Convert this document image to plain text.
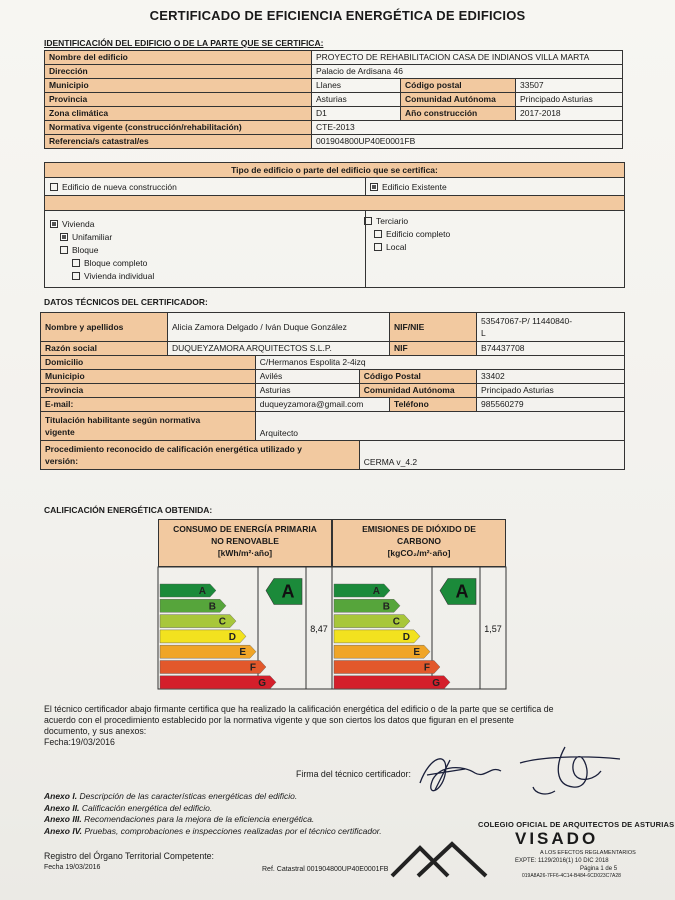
CERTIFICADO DE EFICIENCIA ENERGÉTICA DE EDIFICIOS
IDENTIFICACIÓN DEL EDIFICIO O DE LA PARTE QUE SE CERTIFICA:
Nombre del edificio	PROYECTO DE REHABILITACION CASA DE INDIANOS VILLA MARTA		
Dirección	Palacio de Ardisana 46		
Municipio	Llanes	Código postal	33507
Provincia	Asturias	Comunidad Autónoma	Principado Asturias
Zona climática	D1	Año construcción	2017-2018
Normativa vigente (construcción/rehabilitación)	CTE-2013		
Referencia/s catastral/es	001904800UP40E0001FB		
Tipo de edificio o parte del edificio que se certifica:
Edificio de nueva construcción	Edificio Existente
Vivienda
Unifamiliar
Bloque
Bloque completo
Vivienda individual
Terciario
Edificio completo
Local
DATOS TÉCNICOS DEL CERTIFICADOR:
Nombre y apellidos	Alicia Zamora Delgado / Iván Duque González			NIF/NIE	53547067-P/ 11440840-
L
Razón social	DUQUEYZAMORA ARQUITECTOS S.L.P.			NIF	B74437708
Domicilio		C/Hermanos Espolita 2-4izq			
Municipio		Avilés	Código Postal		33402
Provincia		Asturias	Comunidad Autónoma		Principado Asturias
E-mail:		duqueyzamora@gmail.com		Teléfono	985560279
Titulación habilitante según normativa
vigente		Arquitecto			
Procedimiento reconocido de calificación energética utilizado y
versión:			CERMA v_4.2		
CALIFICACIÓN ENERGÉTICA OBTENIDA:
CONSUMO DE ENERGÍA PRIMARIA
NO RENOVABLE
[kWh/m²·año]
EMISIONES DE DIÓXIDO DE
CARBONO
[kgCO₂/m²·año]
A
B
C
D
E
F
G
A
8,47
A
B
C
D
E
F
G
A
1,57
El técnico certificador abajo firmante certifica que ha realizado la calificación energética del edificio o de la parte que se certifica de
acuerdo con el procedimiento establecido por la normativa vigente y que son ciertos los datos que figuran en el presente
documento, y sus anexos:
Fecha:19/03/2016
Firma del técnico certificador:
Anexo I. Descripción de las características energéticas del edificio.
Anexo II. Calificación energética del edificio.
Anexo III. Recomendaciones para la mejora de la eficiencia energética.
Anexo IV. Pruebas, comprobaciones e inspecciones realizadas por el técnico certificador.
Registro del Órgano Territorial Competente:
Fecha 19/03/2016	Ref. Catastral 001904800UP40E0001FB
COLEGIO OFICIAL DE ARQUITECTOS DE ASTURIAS
VISADO
A LOS EFECTOS REGLAMENTARIOS
EXPTE: 1129/2016(1) 10 DIC 2018
Página 1 de 5
019A8A26-7FF6-4C14-B484-6CD023C7A28
